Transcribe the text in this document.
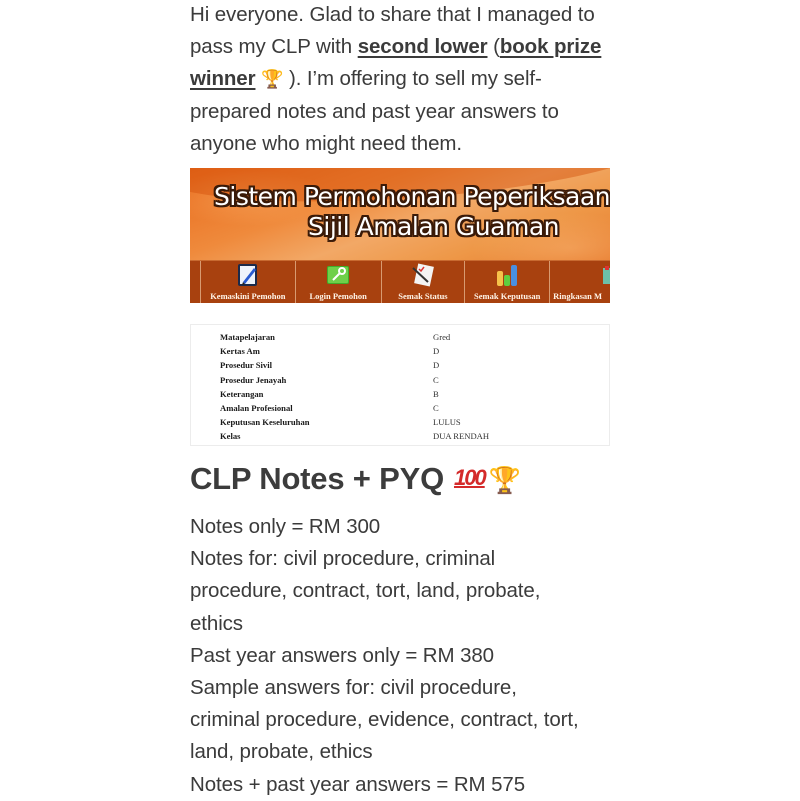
Hi everyone. Glad to share that I managed to pass my CLP with second lower (book prize winner 🏆 ). I’m offering to sell my self-prepared notes and past year answers to anyone who might need them.

Sistem Permohonan Peperiksaan
Sijil Amalan Guaman
Kemaskini Pemohon	Login Pemohon	Semak Status	Semak Keputusan Ringkasan M
Matapelajaran	Gred
Kertas Am	D
Prosedur Sivil	D
Prosedur Jenayah	C
Keterangan	B
Amalan Profesional	C
Keputusan Keseluruhan	LULUS
Kelas	DUA RENDAH
CLP Notes + PYQ 100 🏆

Notes only = RM 300

Notes for: civil procedure, criminal

procedure, contract, tort, land, probate,

ethics

Past year answers only = RM 380

Sample answers for: civil procedure,

criminal procedure, evidence, contract, tort,

land, probate, ethics

Notes + past year answers = RM 575
